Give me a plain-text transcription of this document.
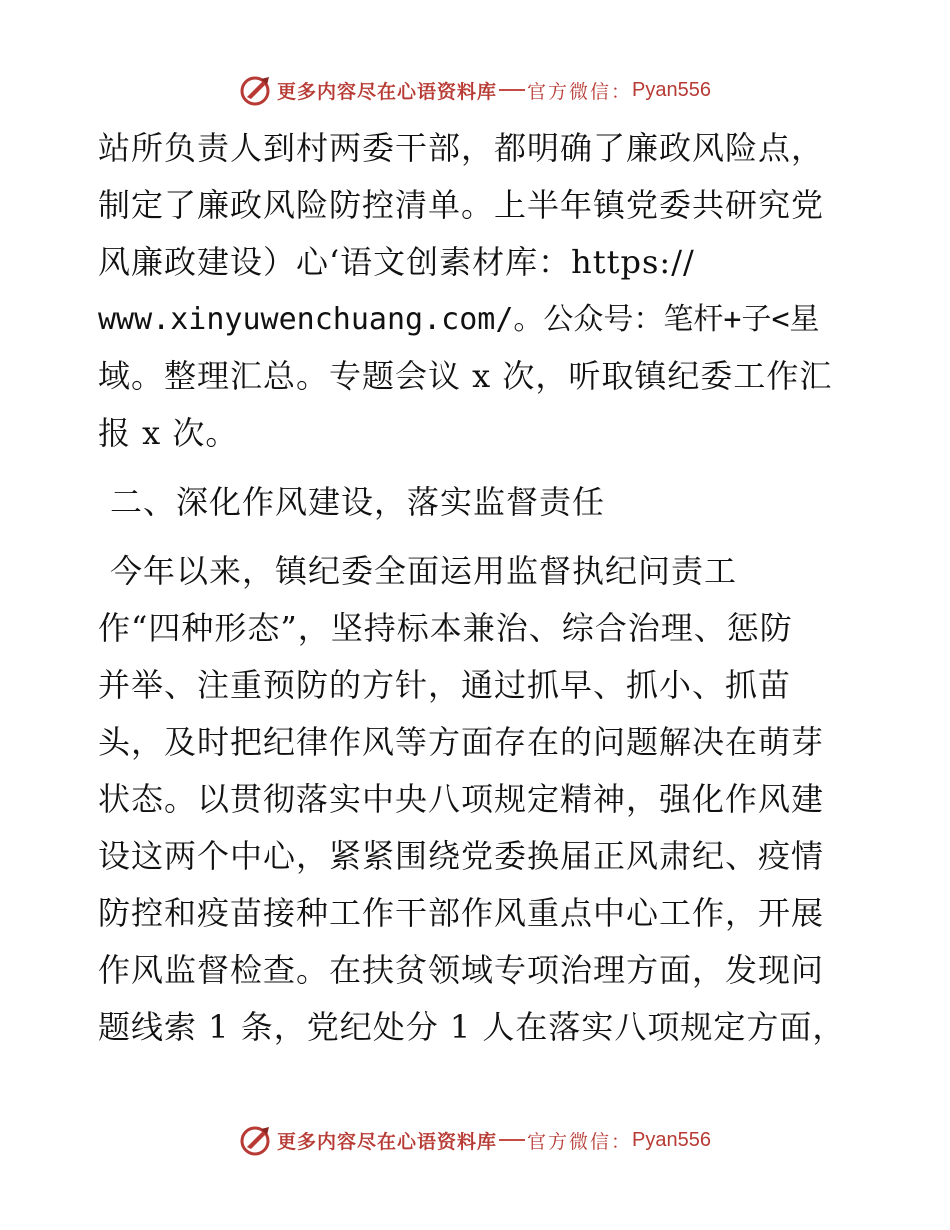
更多内容尽在心语资料库 官方微信 ： Pyan556
站所负责人到村两委干部，都明确了廉政风险点，
制定了廉政风险防控清单。上半年镇党委共研究党
风廉政建设）心‘语文创素材库：https://
www.xinyuwenchuang.com/。公众号：笔杆+子<星
域。整理汇总。专题会议 x 次，听取镇纪委工作汇
报 x 次。
二、深化作风建设，落实监督责任
今年以来，镇纪委全面运用监督执纪问责工
作“四种形态”，坚持标本兼治、综合治理、惩防
并举、注重预防的方针，通过抓早、抓小、抓苗
头，及时把纪律作风等方面存在的问题解决在萌芽
状态。以贯彻落实中央八项规定精神，强化作风建
设这两个中心，紧紧围绕党委换届正风肃纪、疫情
防控和疫苗接种工作干部作风重点中心工作，开展
作风监督检查。在扶贫领域专项治理方面，发现问
题线索 1 条，党纪处分 1 人在落实八项规定方面，
更多内容尽在心语资料库 官方微信 ： Pyan556
